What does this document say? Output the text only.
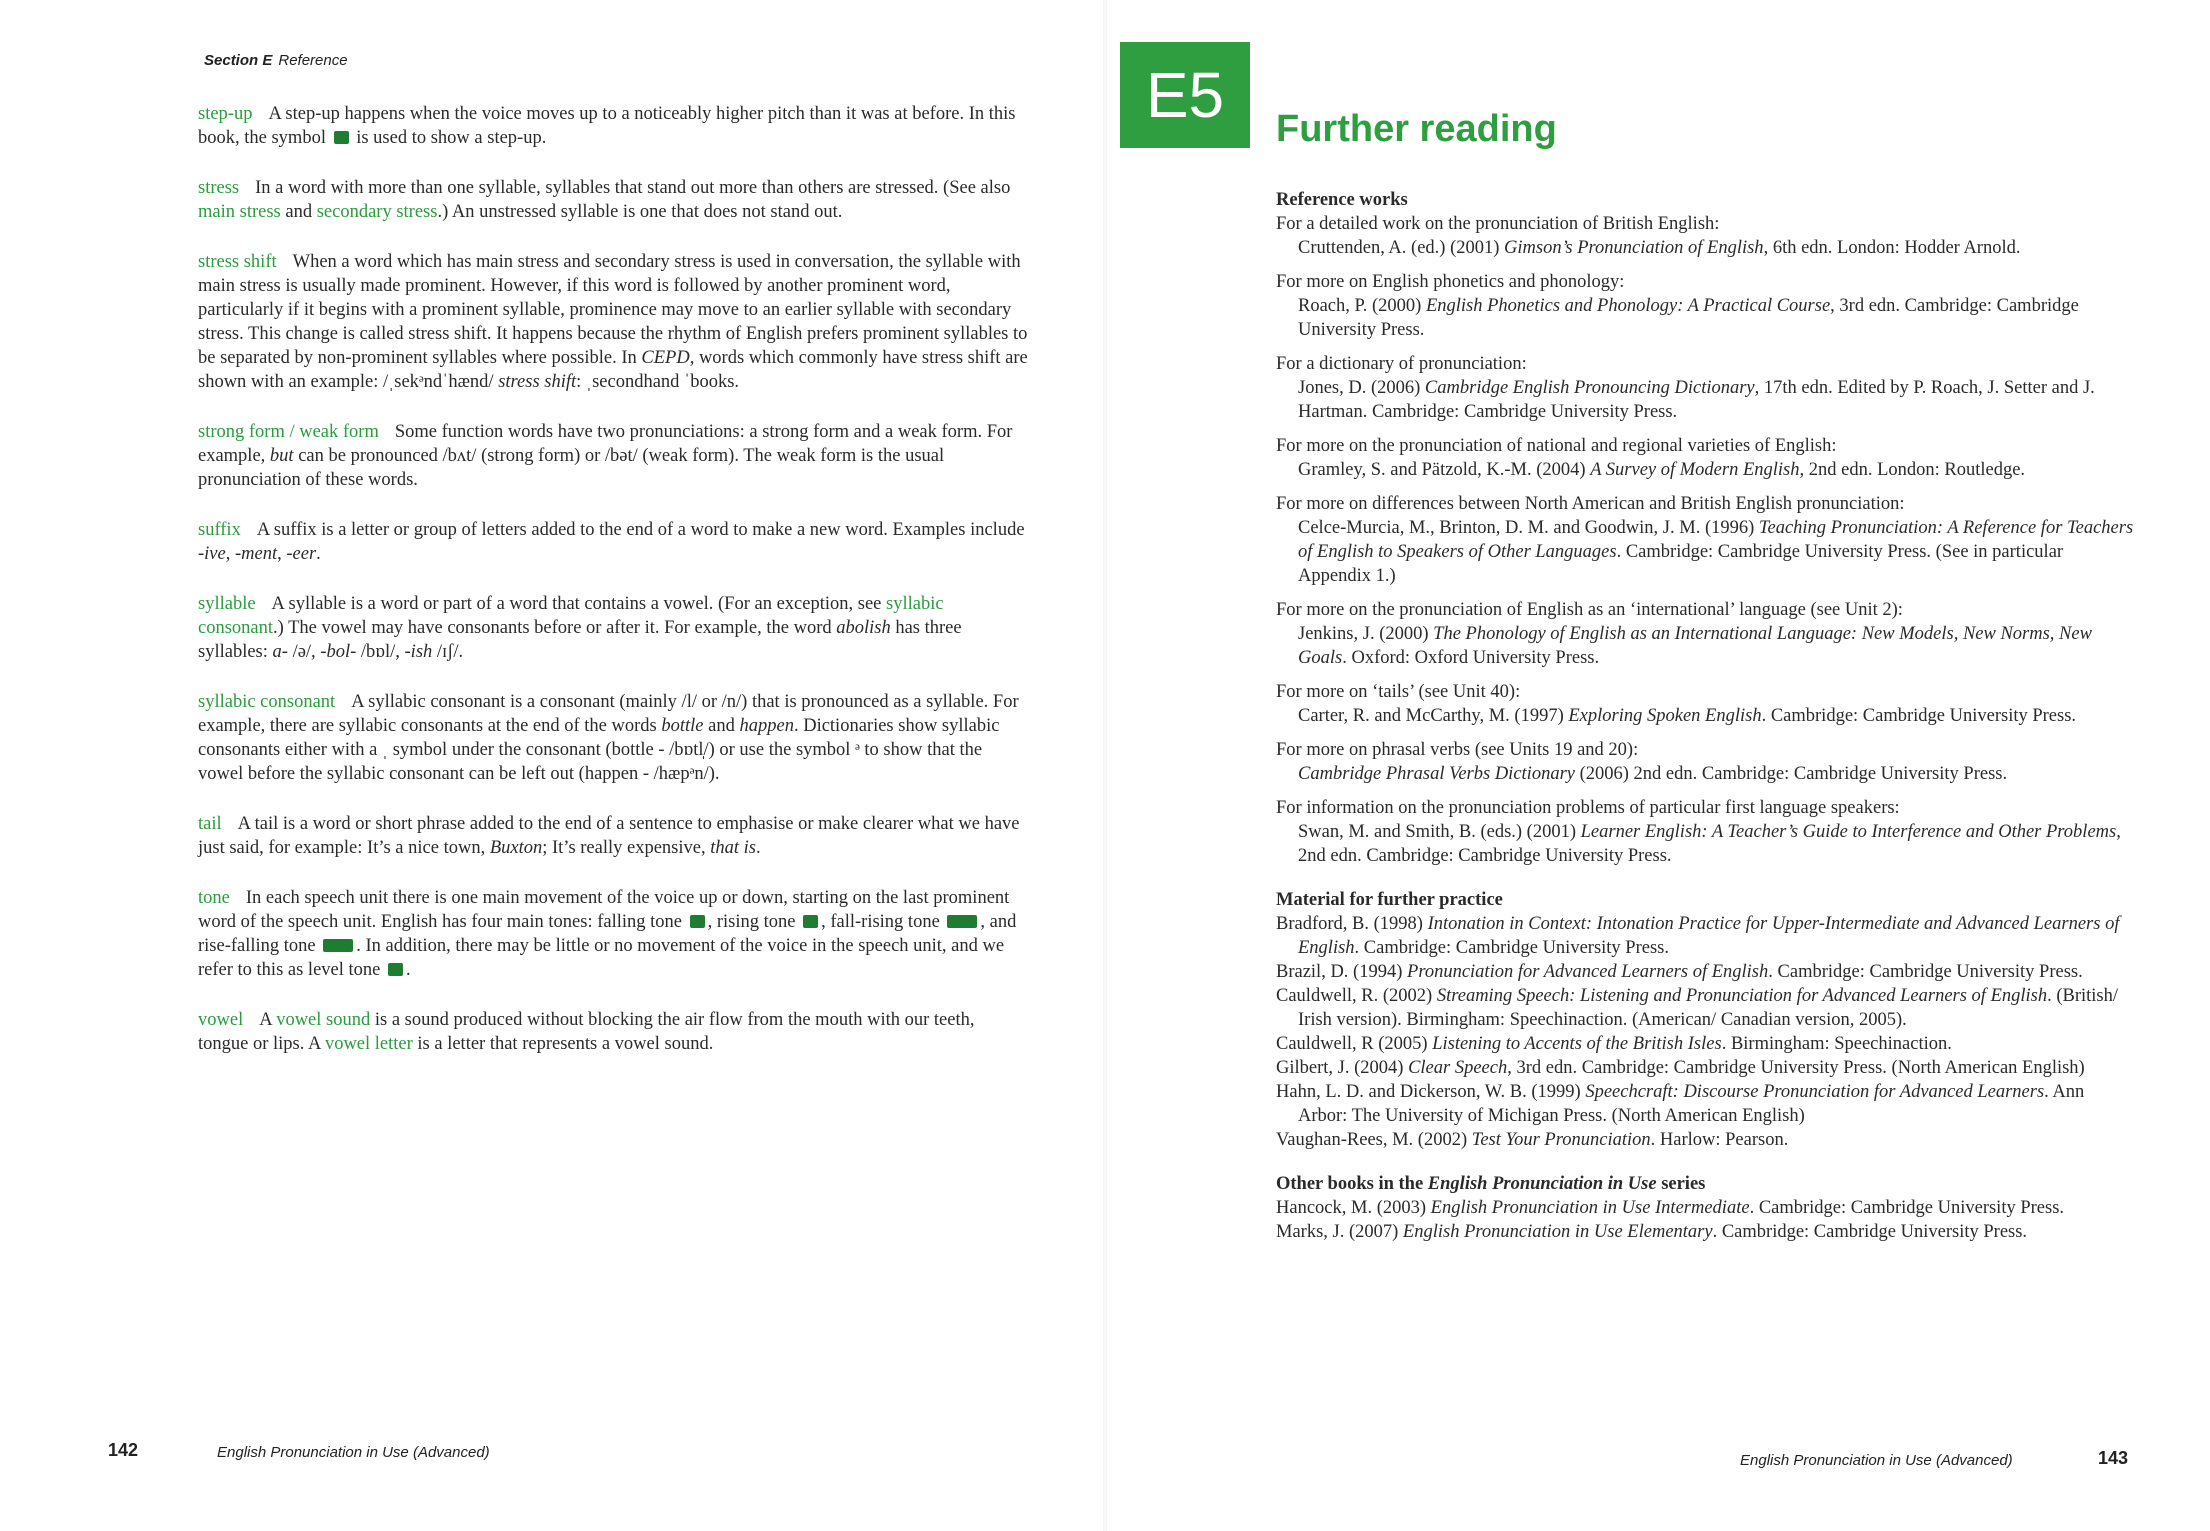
Section E Reference

step-up A step-up happens when the voice moves up to a noticeably higher pitch than it was at before. In this book, the symbol  is used to show a step-up.

stress In a word with more than one syllable, syllables that stand out more than others are stressed. (See also main stress and secondary stress.) An unstressed syllable is one that does not stand out.

stress shift When a word which has main stress and secondary stress is used in conversation, the syllable with main stress is usually made prominent. However, if this word is followed by another prominent word, particularly if it begins with a prominent syllable, prominence may move to an earlier syllable with secondary stress. This change is called stress shift. It happens because the rhythm of English prefers prominent syllables to be separated by non-prominent syllables where possible. In CEPD, words which commonly have stress shift are shown with an example: /ˌsekᵊndˈhænd/ stress shift: ˌsecondhand ˈbooks.

strong form / weak form Some function words have two pronunciations: a strong form and a weak form. For example, but can be pronounced /bʌt/ (strong form) or /bət/ (weak form). The weak form is the usual pronunciation of these words.

suffix A suffix is a letter or group of letters added to the end of a word to make a new word. Examples include -ive, -ment, -eer.

syllable A syllable is a word or part of a word that contains a vowel. (For an exception, see syllabic consonant.) The vowel may have consonants before or after it. For example, the word abolish has three syllables: a- /ə/, -bol- /bɒl/, -ish /ɪʃ/.

syllabic consonant A syllabic consonant is a consonant (mainly /l/ or /n/) that is pronounced as a syllable. For example, there are syllabic consonants at the end of the words bottle and happen. Dictionaries show syllabic consonants either with a ˌ symbol under the consonant (bottle - /bɒtl̩/) or use the symbol ᵊ to show that the vowel before the syllabic consonant can be left out (happen - /hæpᵊn/).

tail A tail is a word or short phrase added to the end of a sentence to emphasise or make clearer what we have just said, for example: It’s a nice town, Buxton; It’s really expensive, that is.

tone In each speech unit there is one main movement of the voice up or down, starting on the last prominent word of the speech unit. English has four main tones: falling tone , rising tone , fall-rising tone , and rise-falling tone . In addition, there may be little or no movement of the voice in the speech unit, and we refer to this as level tone .

vowel A vowel sound is a sound produced without blocking the air flow from the mouth with our teeth, tongue or lips. A vowel letter is a letter that represents a vowel sound.

142	English Pronunciation in Use (Advanced)
E5	Further reading
Reference works
For a detailed work on the pronunciation of British English:
Cruttenden, A. (ed.) (2001) Gimson’s Pronunciation of English, 6th edn. London: Hodder Arnold.
For more on English phonetics and phonology:
Roach, P. (2000) English Phonetics and Phonology: A Practical Course, 3rd edn. Cambridge: Cambridge University Press.
For a dictionary of pronunciation:
Jones, D. (2006) Cambridge English Pronouncing Dictionary, 17th edn. Edited by P. Roach, J. Setter and J. Hartman. Cambridge: Cambridge University Press.
For more on the pronunciation of national and regional varieties of English:
Gramley, S. and Pätzold, K.-M. (2004) A Survey of Modern English, 2nd edn. London: Routledge.
For more on differences between North American and British English pronunciation:
Celce-Murcia, M., Brinton, D. M. and Goodwin, J. M. (1996) Teaching Pronunciation: A Reference for Teachers of English to Speakers of Other Languages. Cambridge: Cambridge University Press. (See in particular Appendix 1.)
For more on the pronunciation of English as an ‘international’ language (see Unit 2):
Jenkins, J. (2000) The Phonology of English as an International Language: New Models, New Norms, New Goals. Oxford: Oxford University Press.
For more on ‘tails’ (see Unit 40):
Carter, R. and McCarthy, M. (1997) Exploring Spoken English. Cambridge: Cambridge University Press.
For more on phrasal verbs (see Units 19 and 20):
Cambridge Phrasal Verbs Dictionary (2006) 2nd edn. Cambridge: Cambridge University Press.
For information on the pronunciation problems of particular first language speakers:
Swan, M. and Smith, B. (eds.) (2001) Learner English: A Teacher’s Guide to Interference and Other Problems, 2nd edn. Cambridge: Cambridge University Press.
Material for further practice
Bradford, B. (1998) Intonation in Context: Intonation Practice for Upper-Intermediate and Advanced Learners of English. Cambridge: Cambridge University Press.
Brazil, D. (1994) Pronunciation for Advanced Learners of English. Cambridge: Cambridge University Press.
Cauldwell, R. (2002) Streaming Speech: Listening and Pronunciation for Advanced Learners of English. (British/ Irish version). Birmingham: Speechinaction. (American/ Canadian version, 2005).
Cauldwell, R (2005) Listening to Accents of the British Isles. Birmingham: Speechinaction.
Gilbert, J. (2004) Clear Speech, 3rd edn. Cambridge: Cambridge University Press. (North American English)
Hahn, L. D. and Dickerson, W. B. (1999) Speechcraft: Discourse Pronunciation for Advanced Learners. Ann Arbor: The University of Michigan Press. (North American English)
Vaughan-Rees, M. (2002) Test Your Pronunciation. Harlow: Pearson.
Other books in the English Pronunciation in Use series
Hancock, M. (2003) English Pronunciation in Use Intermediate. Cambridge: Cambridge University Press.
Marks, J. (2007) English Pronunciation in Use Elementary. Cambridge: Cambridge University Press.
English Pronunciation in Use (Advanced)	143
